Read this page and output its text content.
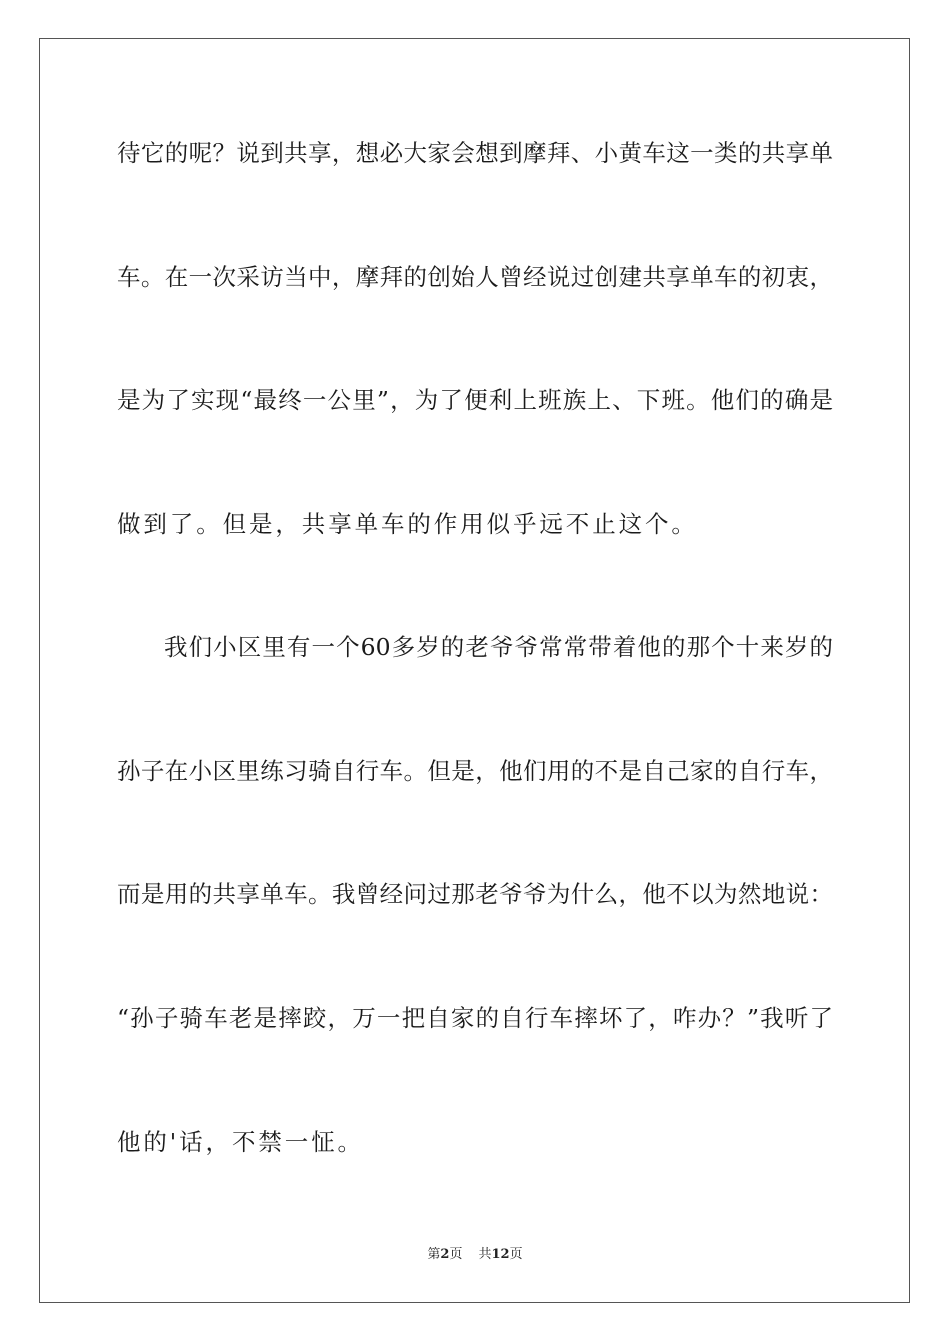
待它的呢？说到共享，想必大家会想到摩拜、小黄车这一类的共享单
车。在一次采访当中，摩拜的创始人曾经说过创建共享单车的初衷，
是为了实现“最终一公里”，为了便利上班族上、下班。他们的确是
做到了。但是，共享单车的作用似乎远不止这个。
我们小区里有一个60多岁的老爷爷常常带着他的那个十来岁的
孙子在小区里练习骑自行车。但是，他们用的不是自己家的自行车，
而是用的共享单车。我曾经问过那老爷爷为什么，他不以为然地说：
“孙子骑车老是摔跤，万一把自家的自行车摔坏了，咋办？”我听了
他的'话，不禁一怔。
第2页 共12页
